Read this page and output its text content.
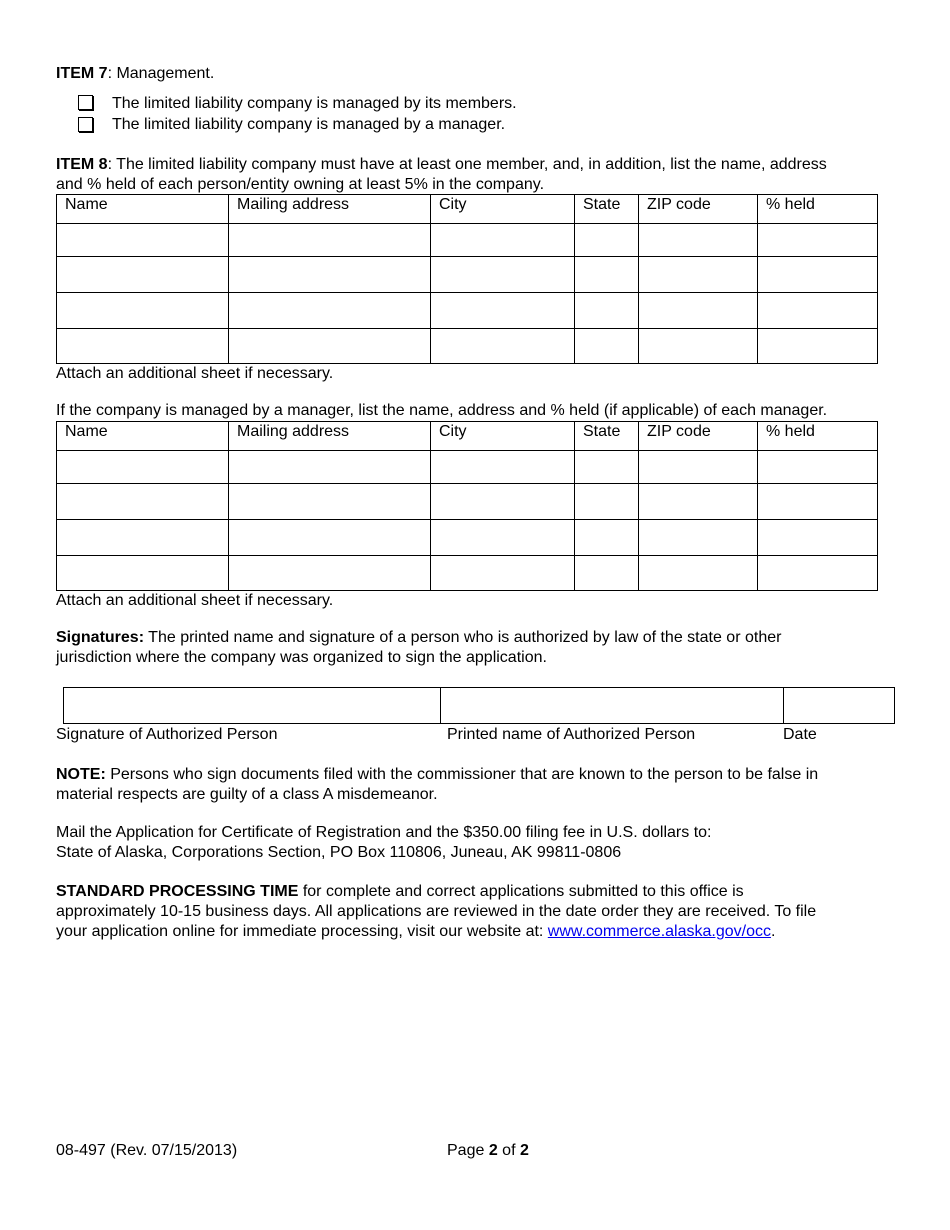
ITEM 7: Management.
The limited liability company is managed by its members.
The limited liability company is managed by a manager.
ITEM 8: The limited liability company must have at least one member, and, in addition, list the name, address
and % held of each person/entity owning at least 5% in the company.
Name	Mailing address	City	State	ZIP code	% held

Attach an additional sheet if necessary.
If the company is managed by a manager, list the name, address and % held (if applicable) of each manager.
Name	Mailing address	City	State	ZIP code	% held

Attach an additional sheet if necessary.
Signatures: The printed name and signature of a person who is authorized by law of the state or other
jurisdiction where the company was organized to sign the application.
Signature of Authorized Person	Printed name of Authorized Person	Date
NOTE: Persons who sign documents filed with the commissioner that are known to the person to be false in
material respects are guilty of a class A misdemeanor.
Mail the Application for Certificate of Registration and the $350.00 filing fee in U.S. dollars to:
State of Alaska, Corporations Section, PO Box 110806, Juneau, AK 99811-0806
STANDARD PROCESSING TIME for complete and correct applications submitted to this office is
approximately 10-15 business days. All applications are reviewed in the date order they are received. To file
your application online for immediate processing, visit our website at: www.commerce.alaska.gov/occ.
08-497 (Rev. 07/15/2013)	Page 2 of 2
